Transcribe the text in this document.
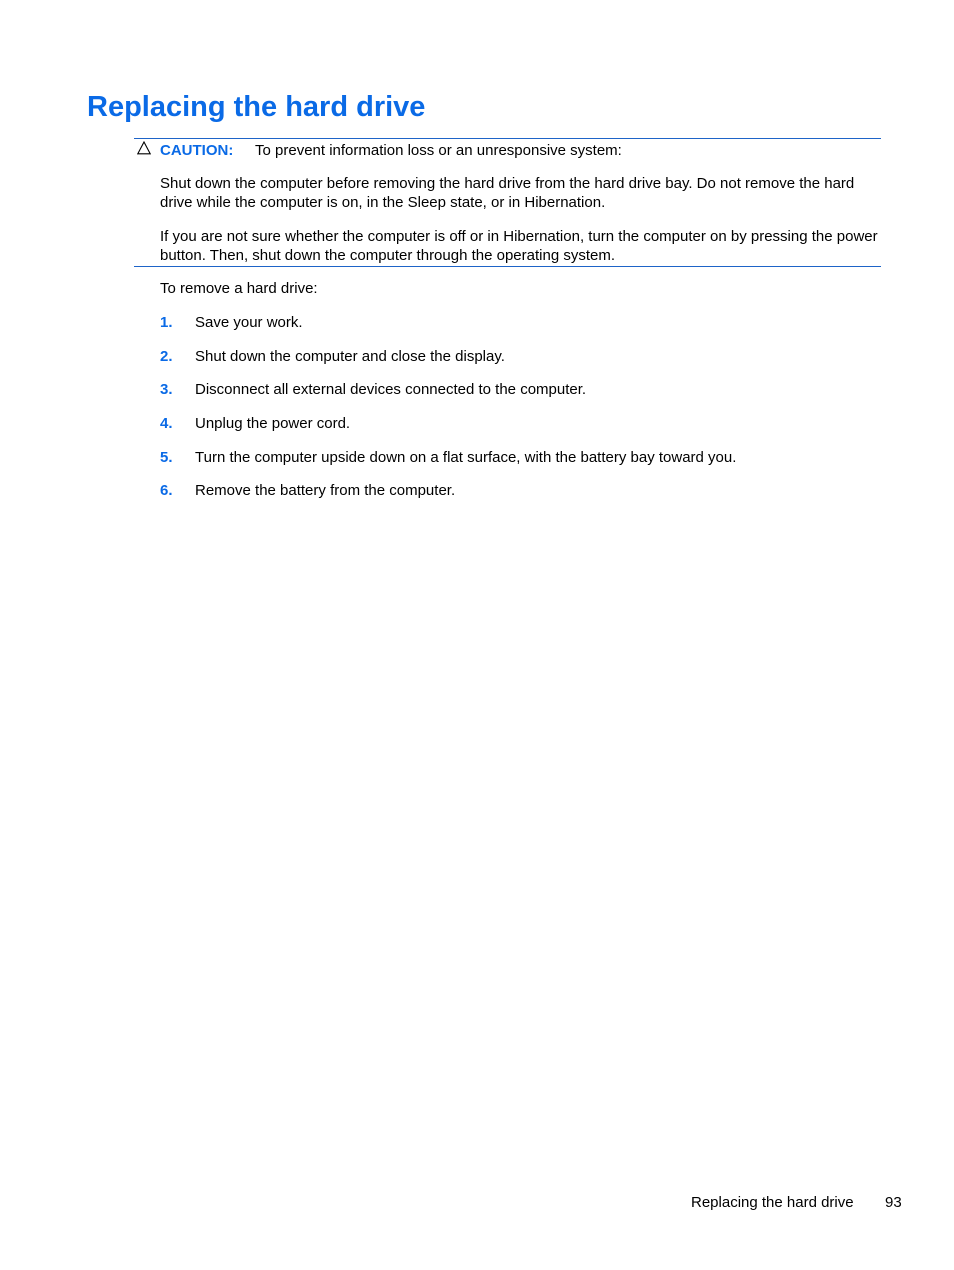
Replacing the hard drive
CAUTION: To prevent information loss or an unresponsive system:

Shut down the computer before removing the hard drive from the hard drive bay. Do not remove the hard drive while the computer is on, in the Sleep state, or in Hibernation.

If you are not sure whether the computer is off or in Hibernation, turn the computer on by pressing the power button. Then, shut down the computer through the operating system.

To remove a hard drive:
1. Save your work.
2. Shut down the computer and close the display.
3. Disconnect all external devices connected to the computer.
4. Unplug the power cord.
5. Turn the computer upside down on a flat surface, with the battery bay toward you.
6. Remove the battery from the computer.
Replacing the hard drive 93
